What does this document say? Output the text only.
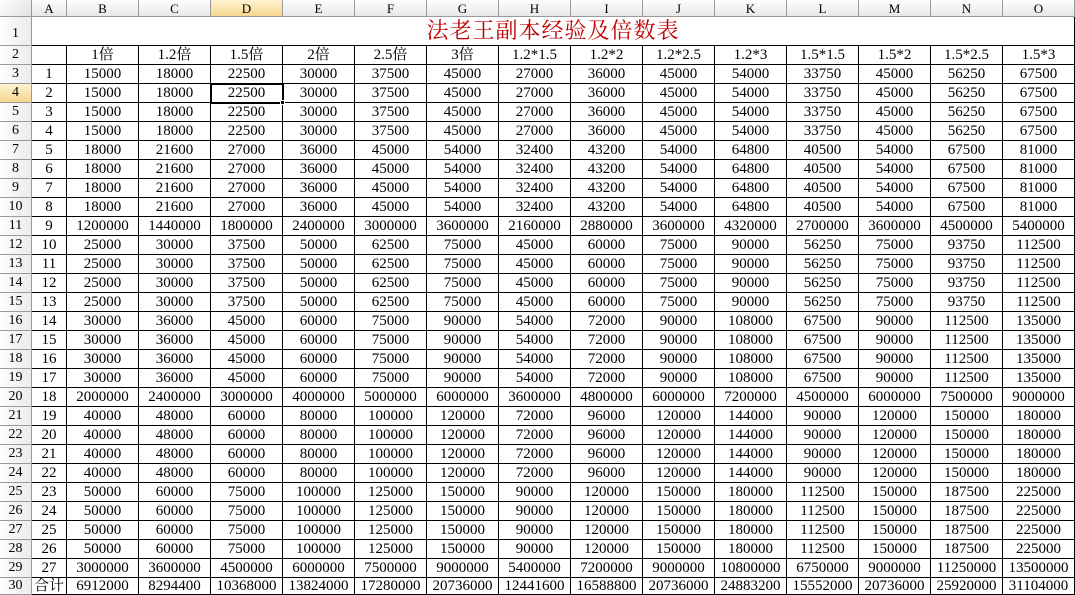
A	B	C	D	E	F	G	H	I	J	K	L	M	N	O
1	法老王副本经验及倍数表
2	1倍	1.2倍	1.5倍	2倍	2.5倍	3倍	1.2*1.5	1.2*2	1.2*2.5	1.2*3	1.5*1.5	1.5*2	1.5*2.5	1.5*3
3	1	15000	18000	22500	30000	37500	45000	27000	36000	45000	54000	33750	45000	56250	67500
4	2	15000	18000	22500	30000	37500	45000	27000	36000	45000	54000	33750	45000	56250	67500
5	3	15000	18000	22500	30000	37500	45000	27000	36000	45000	54000	33750	45000	56250	67500
6	4	15000	18000	22500	30000	37500	45000	27000	36000	45000	54000	33750	45000	56250	67500
7	5	18000	21600	27000	36000	45000	54000	32400	43200	54000	64800	40500	54000	67500	81000
8	6	18000	21600	27000	36000	45000	54000	32400	43200	54000	64800	40500	54000	67500	81000
9	7	18000	21600	27000	36000	45000	54000	32400	43200	54000	64800	40500	54000	67500	81000
10	8	18000	21600	27000	36000	45000	54000	32400	43200	54000	64800	40500	54000	67500	81000
11	9	1200000	1440000	1800000	2400000	3000000	3600000	2160000	2880000	3600000	4320000	2700000	3600000	4500000	5400000
12	10	25000	30000	37500	50000	62500	75000	45000	60000	75000	90000	56250	75000	93750	112500
13	11	25000	30000	37500	50000	62500	75000	45000	60000	75000	90000	56250	75000	93750	112500
14	12	25000	30000	37500	50000	62500	75000	45000	60000	75000	90000	56250	75000	93750	112500
15	13	25000	30000	37500	50000	62500	75000	45000	60000	75000	90000	56250	75000	93750	112500
16	14	30000	36000	45000	60000	75000	90000	54000	72000	90000	108000	67500	90000	112500	135000
17	15	30000	36000	45000	60000	75000	90000	54000	72000	90000	108000	67500	90000	112500	135000
18	16	30000	36000	45000	60000	75000	90000	54000	72000	90000	108000	67500	90000	112500	135000
19	17	30000	36000	45000	60000	75000	90000	54000	72000	90000	108000	67500	90000	112500	135000
20	18	2000000	2400000	3000000	4000000	5000000	6000000	3600000	4800000	6000000	7200000	4500000	6000000	7500000	9000000
21	19	40000	48000	60000	80000	100000	120000	72000	96000	120000	144000	90000	120000	150000	180000
22	20	40000	48000	60000	80000	100000	120000	72000	96000	120000	144000	90000	120000	150000	180000
23	21	40000	48000	60000	80000	100000	120000	72000	96000	120000	144000	90000	120000	150000	180000
24	22	40000	48000	60000	80000	100000	120000	72000	96000	120000	144000	90000	120000	150000	180000
25	23	50000	60000	75000	100000	125000	150000	90000	120000	150000	180000	112500	150000	187500	225000
26	24	50000	60000	75000	100000	125000	150000	90000	120000	150000	180000	112500	150000	187500	225000
27	25	50000	60000	75000	100000	125000	150000	90000	120000	150000	180000	112500	150000	187500	225000
28	26	50000	60000	75000	100000	125000	150000	90000	120000	150000	180000	112500	150000	187500	225000
29	27	3000000	3600000	4500000	6000000	7500000	9000000	5400000	7200000	9000000	10800000	6750000	9000000	11250000 13500000
30 合计 6912000	8294400	10368000 13824000 17280000 20736000 12441600 16588800 20736000 24883200 15552000 20736000 25920000 31104000
